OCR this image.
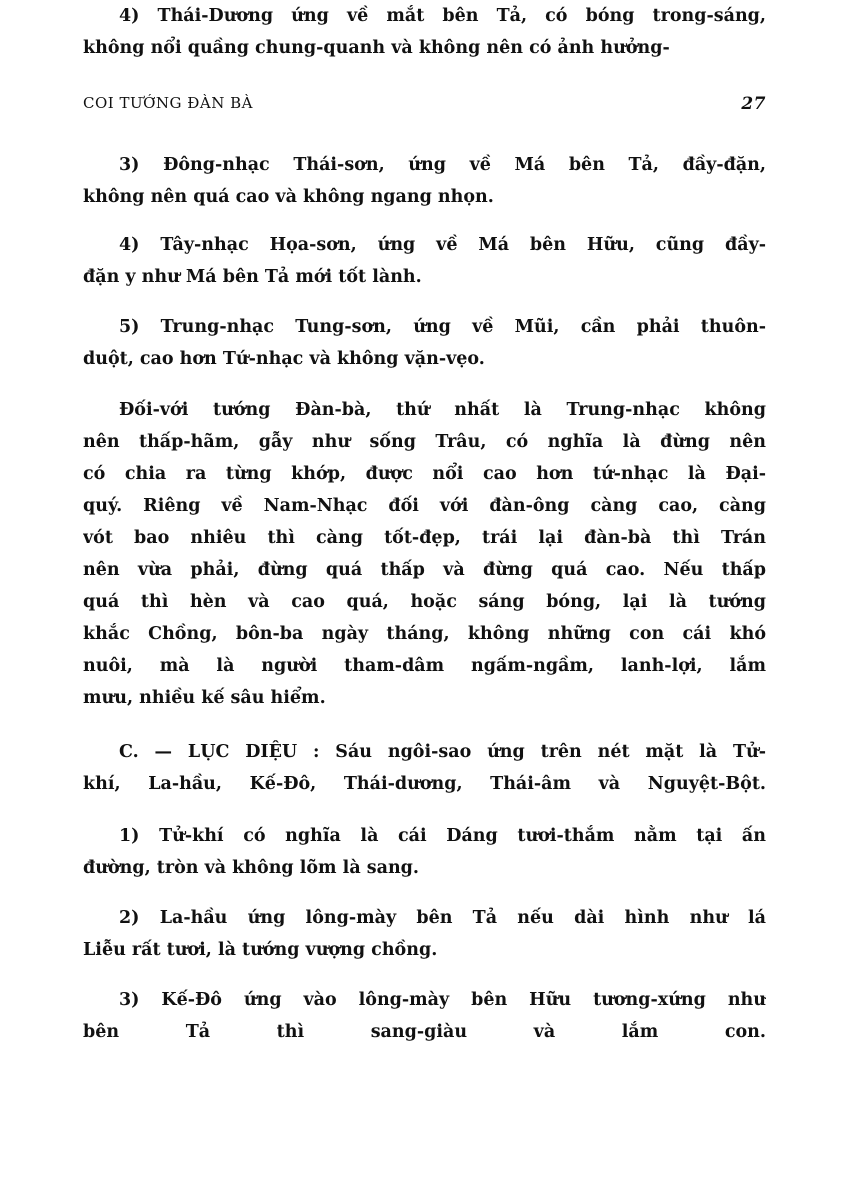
COI TƯỚNG ĐÀN BÀ	27
3) Đông-nhạc Thái-sơn, ứng về Má bên Tả, đầy-đặn,
không nên quá cao và không ngang nhọn.
4) Tây-nhạc Họa-sơn, ứng về Má bên Hữu, cũng đầy-
đặn y như Má bên Tả mới tốt lành.
5) Trung-nhạc Tung-sơn, ứng về Mũi, cần phải thuôn-
duột, cao hơn Tứ-nhạc và không vặn-vẹo.
Đối-với tướng Đàn-bà, thứ nhất là Trung-nhạc không
nên thấp-hãm, gẫy như sống Trâu, có nghĩa là đừng nên
có chia ra từng khớp, được nổi cao hơn tứ-nhạc là Đại-
quý. Riêng về Nam-Nhạc đối với đàn-ông càng cao, càng
vót bao nhiêu thì càng tốt-đẹp, trái lại đàn-bà thì Trán
nên vừa phải, đừng quá thấp và đừng quá cao. Nếu thấp
quá thì hèn và cao quá, hoặc sáng bóng, lại là tướng
khắc Chồng, bôn-ba ngày tháng, không những con cái khó
nuôi, mà là người tham-dâm ngấm-ngầm, lanh-lợi, lắm
mưu, nhiều kế sâu hiểm.
C. — LỤC DIỆU : Sáu ngôi-sao ứng trên nét mặt là Tử-
khí, La-hầu, Kế-Đô, Thái-dương, Thái-âm và Nguyệt-Bột.
1) Tử-khí có nghĩa là cái Dáng tươi-thắm nằm tại ấn
đường, tròn và không lõm là sang.
2) La-hầu ứng lông-mày bên Tả nếu dài hình như lá
Liễu rất tươi, là tướng vượng chồng.
3) Kế-Đô ứng vào lông-mày bên Hữu tương-xứng như
bên Tả thì sang-giàu và lắm con.
4) Thái-Dương ứng về mắt bên Tả, có bóng trong-sáng,
không nổi quầng chung-quanh và không nên có ảnh hưởng-
